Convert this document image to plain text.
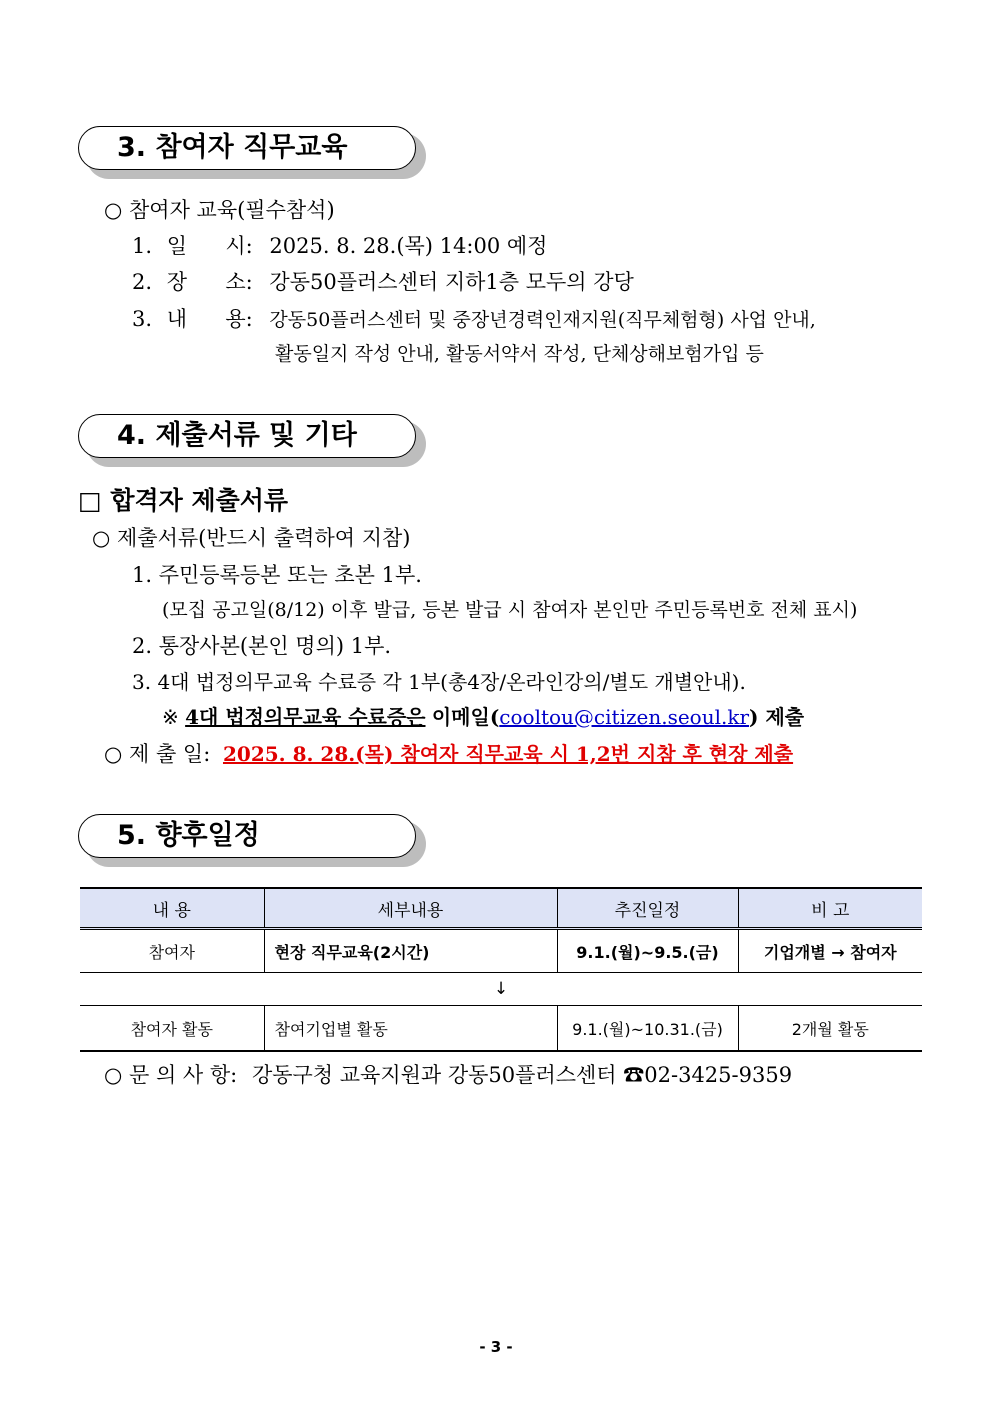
3. 참여자 직무교육
○ 참여자 교육(필수참석)
1. 일 시: 2025. 8. 28.(목) 14:00 예정
2. 장 소: 강동50플러스센터 지하1층 모두의 강당
3. 내 용: 강동50플러스센터 및 중장년경력인재지원(직무체험형) 사업 안내,
활동일지 작성 안내, 활동서약서 작성, 단체상해보험가입 등
4. 제출서류 및 기타
□ 합격자 제출서류
○ 제출서류(반드시 출력하여 지참)
1. 주민등록등본 또는 초본 1부.
(모집 공고일(8/12) 이후 발급, 등본 발급 시 참여자 본인만 주민등록번호 전체 표시)
2. 통장사본(본인 명의) 1부.
3. 4대 법정의무교육 수료증 각 1부(총4장/온라인강의/별도 개별안내).
※ 4대 법정의무교육 수료증은 이메일(cooltou@citizen.seoul.kr) 제출
○ 제 출 일: 2025. 8. 28.(목) 참여자 직무교육 시 1,2번 지참 후 현장 제출
5. 향후일정
내 용	세부내용	추진일정	비 고
참여자	현장 직무교육(2시간)	9.1.(월)~9.5.(금)	기업개별 → 참여자
↓			
참여자 활동	참여기업별 활동	9.1.(월)~10.31.(금)	2개월 활동
○ 문 의 사 항: 강동구청 교육지원과 강동50플러스센터 ☎02-3425-9359
- 3 -
